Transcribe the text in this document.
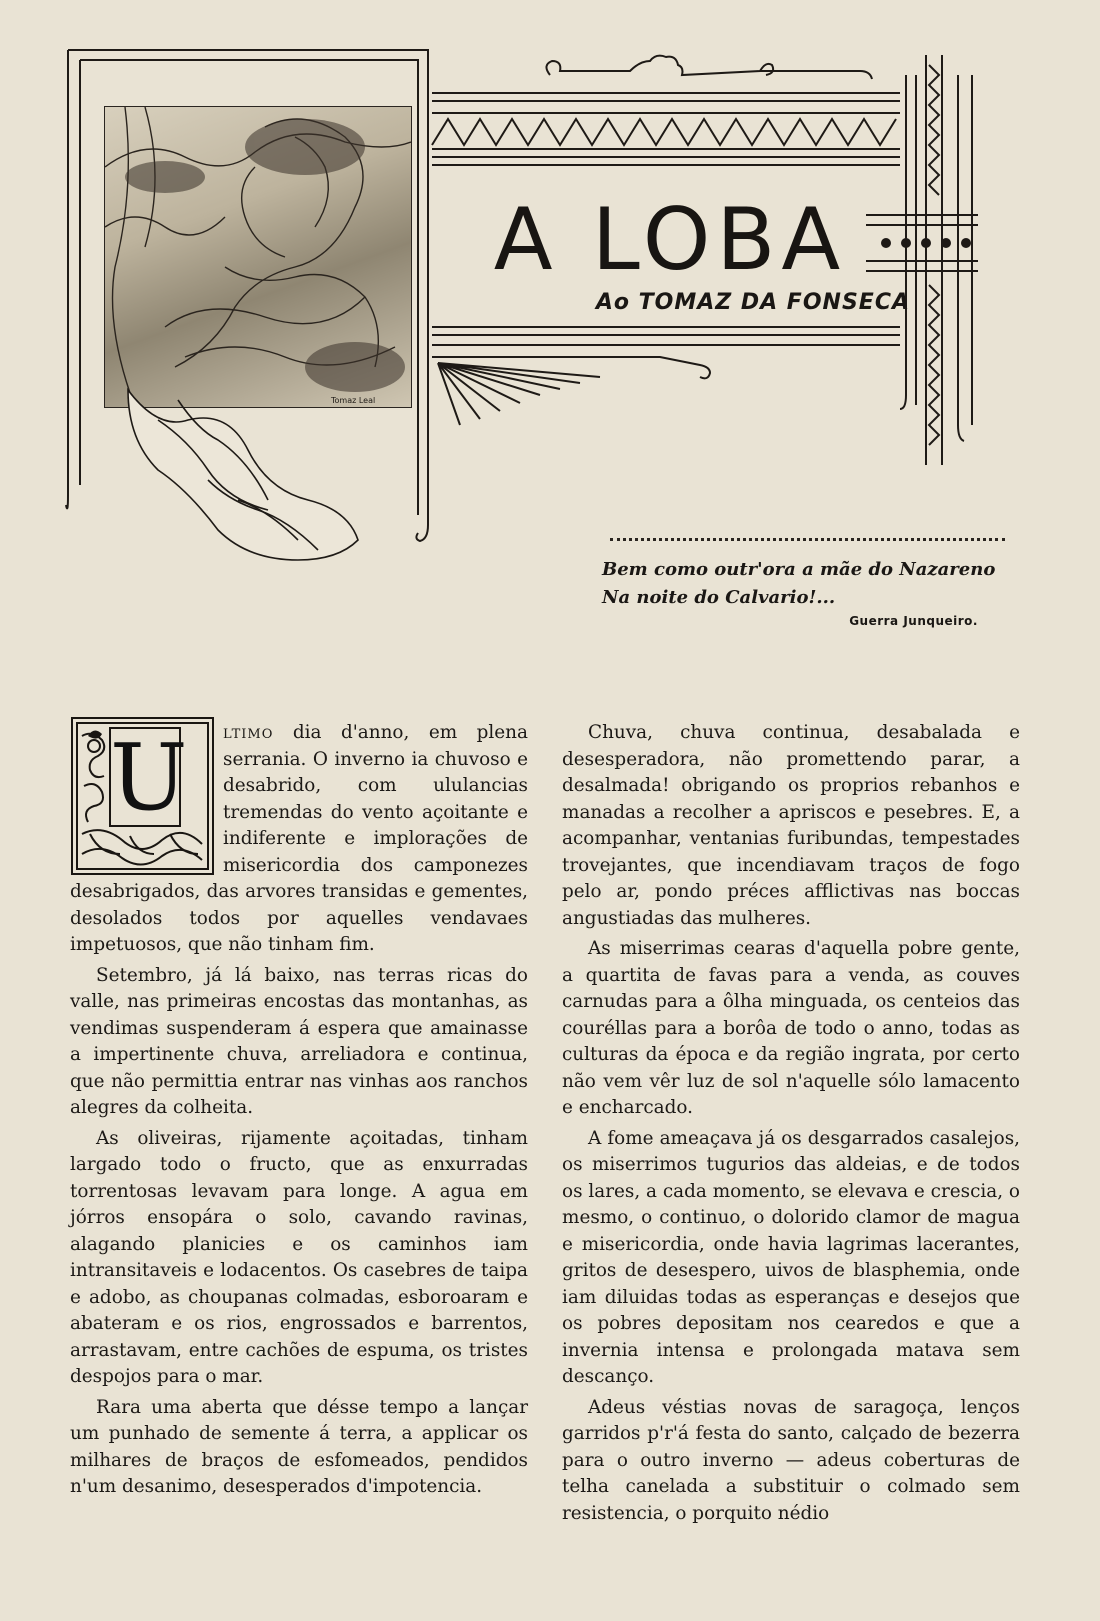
Tomaz Leal
A LOBA
Ao TOMAZ DA FONSECA
Bem como outr'ora a mãe do Nazareno
Na noite do Calvario!...
Guerra Junqueiro.

U ltimo dia d'anno, em plena serrania. O inverno ia chuvoso e desabrido, com ululancias tremendas do vento açoitante e indiferente e implorações de misericordia dos camponezes desabrigados, das arvores transidas e gementes, desolados todos por aquelles vendavaes impetuosos, que não tinham fim.

Setembro, já lá baixo, nas terras ricas do valle, nas primeiras encostas das montanhas, as vendimas suspenderam á espera que amainasse a impertinente chuva, arreliadora e continua, que não permittia entrar nas vinhas aos ranchos alegres da colheita.

As oliveiras, rijamente açoitadas, tinham largado todo o fructo, que as enxurradas torrentosas levavam para longe. A agua em jórros ensopára o solo, cavando ravinas, alagando planicies e os caminhos iam intransitaveis e lodacentos. Os casebres de taipa e adobo, as choupanas colmadas, esboroaram e abateram e os rios, engrossados e barrentos, arrastavam, entre cachões de espuma, os tristes despojos para o mar.

Rara uma aberta que désse tempo a lançar um punhado de semente á terra, a applicar os milhares de braços de esfomeados, pendidos n'um desanimo, desesperados d'impotencia.

Chuva, chuva continua, desabalada e desesperadora, não promettendo parar, a desalmada! obrigando os proprios rebanhos e manadas a recolher a apriscos e pesebres. E, a acompanhar, ventanias furibundas, tempestades trovejantes, que incendiavam traços de fogo pelo ar, pondo préces afflictivas nas boccas angustiadas das mulheres.

As miserrimas cearas d'aquella pobre gente, a quartita de favas para a venda, as couves carnudas para a ôlha minguada, os centeios das couréllas para a borôa de todo o anno, todas as culturas da época e da região ingrata, por certo não vem vêr luz de sol n'aquelle sólo lamacento e encharcado.

A fome ameaçava já os desgarrados casalejos, os miserrimos tugurios das aldeias, e de todos os lares, a cada momento, se elevava e crescia, o mesmo, o continuo, o dolorido clamor de magua e misericordia, onde havia lagrimas lacerantes, gritos de desespero, uivos de blasphemia, onde iam diluidas todas as esperanças e desejos que os pobres depositam nos cearedos e que a invernia intensa e prolongada matava sem descanço.

Adeus véstias novas de saragoça, lenços garridos p'r'á festa do santo, calçado de bezerra para o outro inverno — adeus coberturas de telha canelada a substituir o colmado sem resistencia, o porquito nédio
